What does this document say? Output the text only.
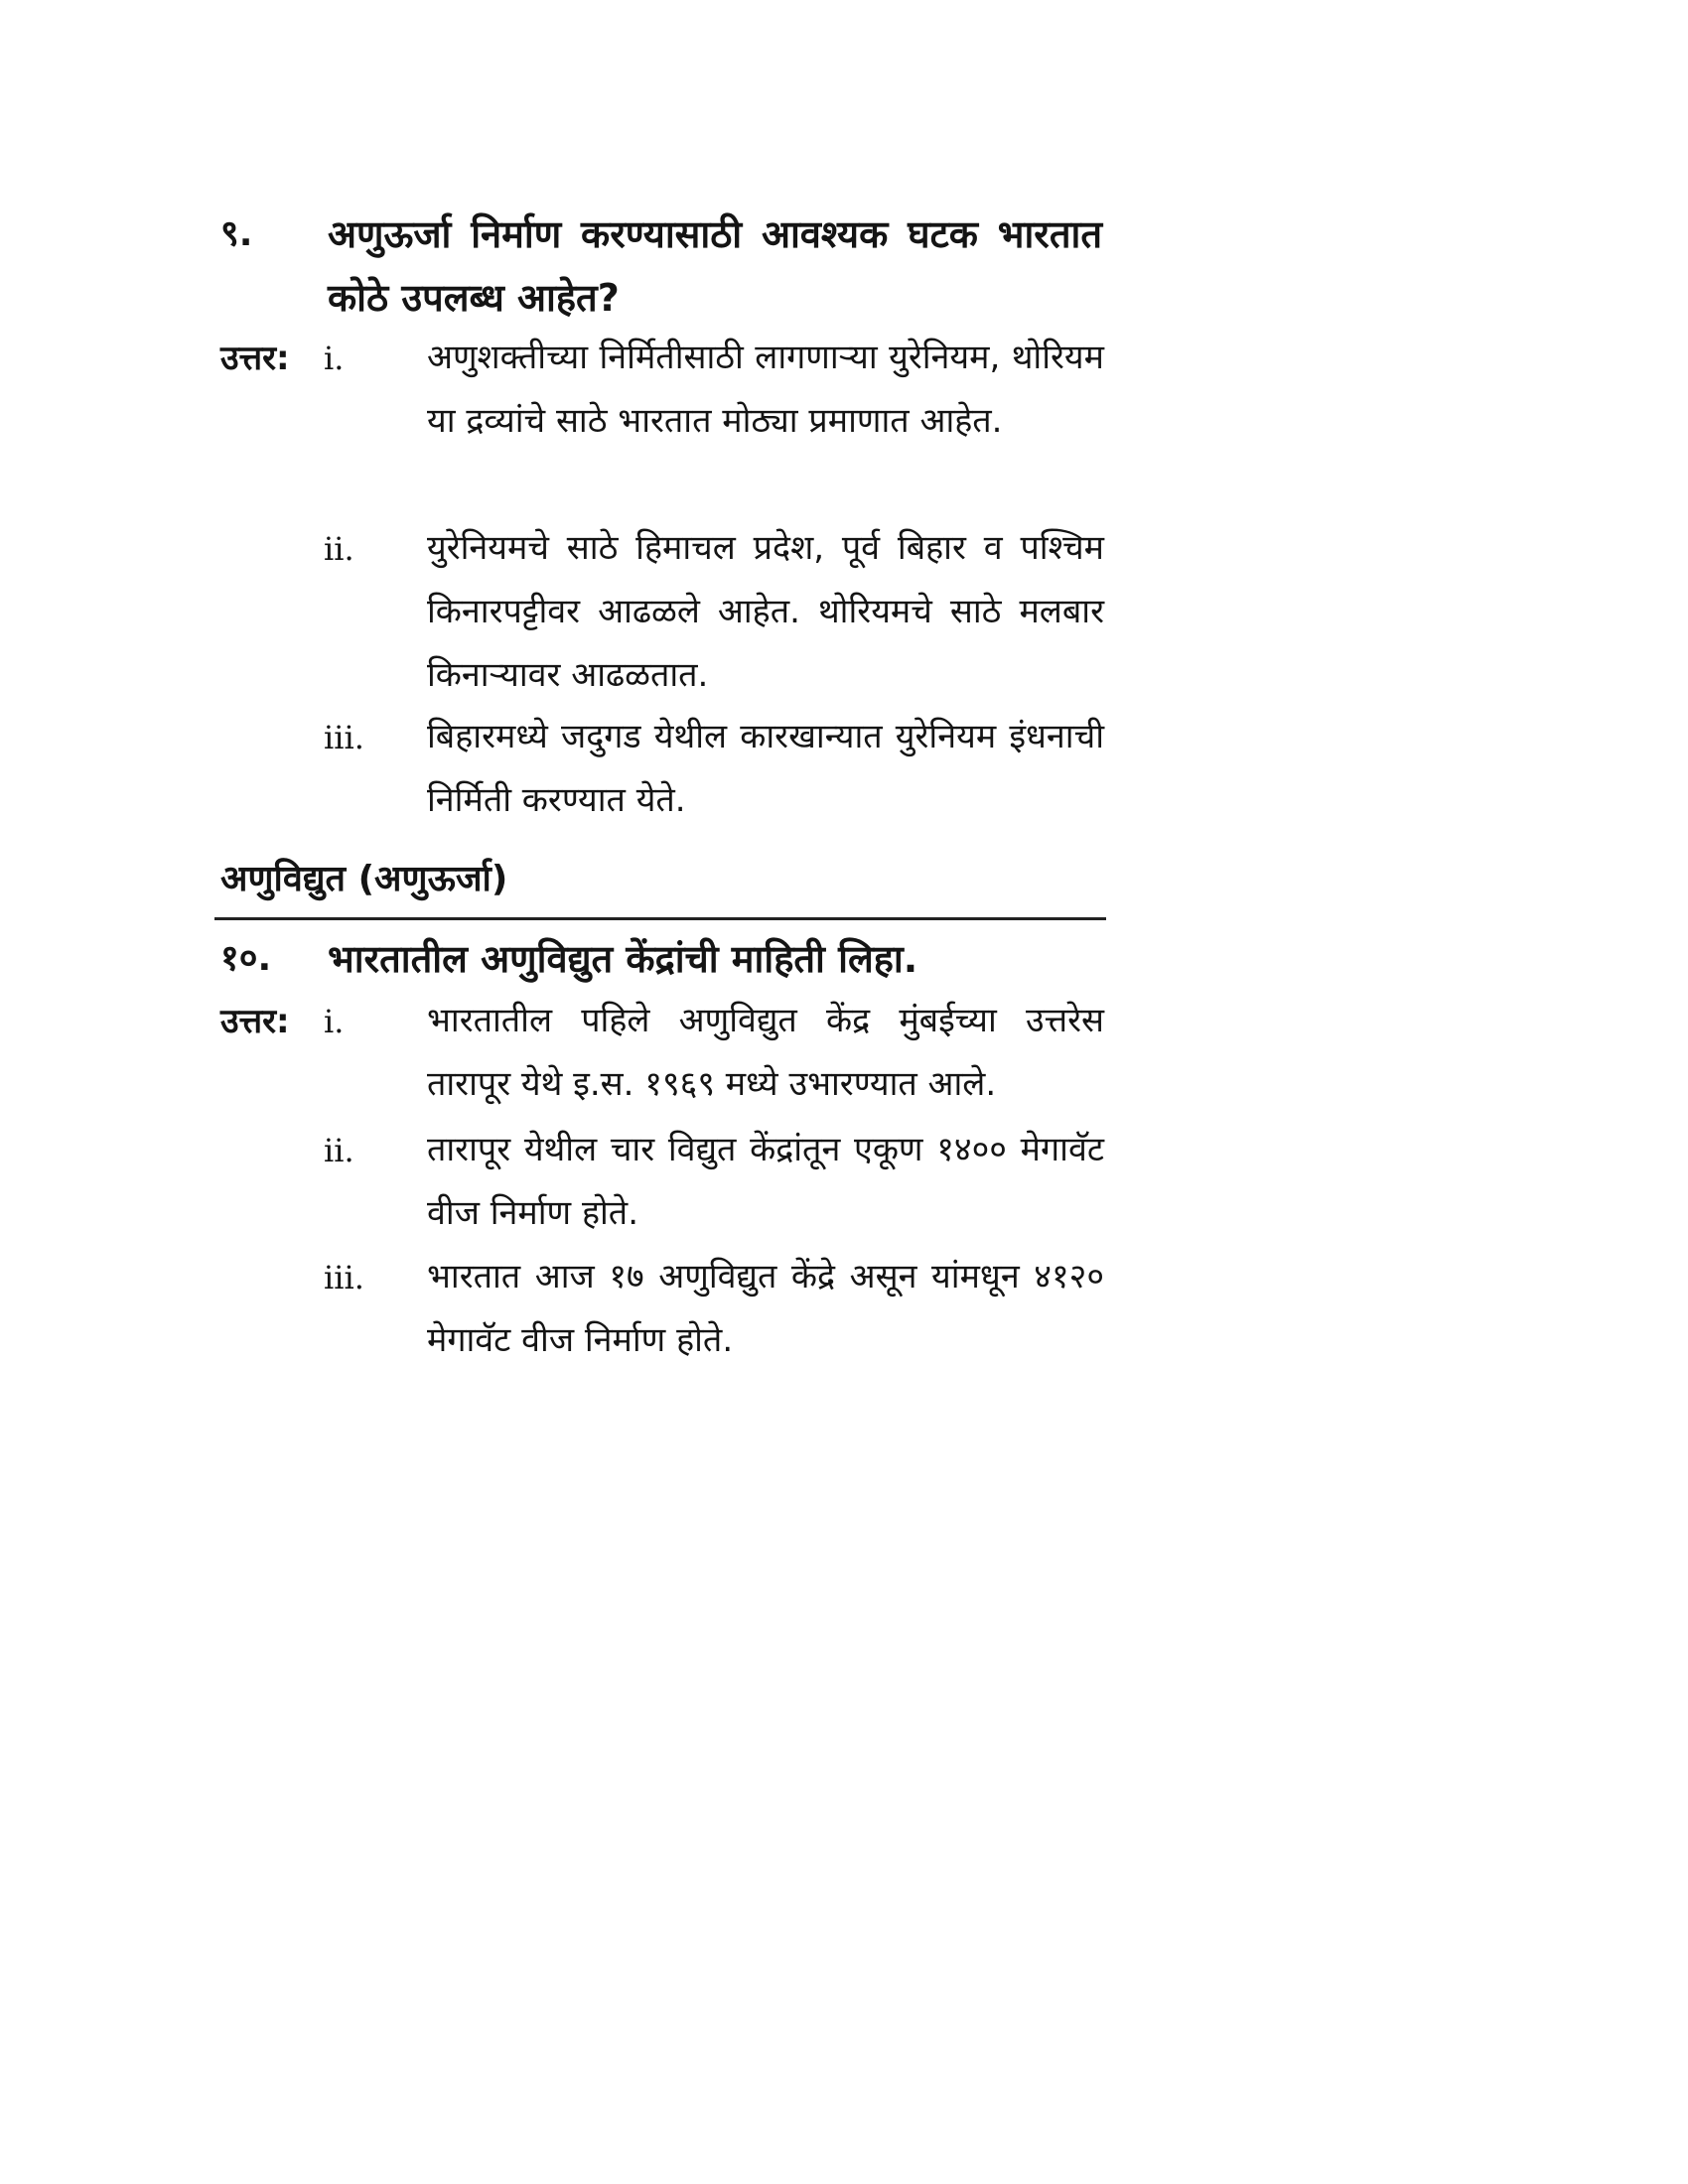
९. अणुऊर्जा निर्माण करण्यासाठी आवश्यक घटक भारतात कोठे उपलब्ध आहेत?
उत्तर: i. अणुशक्तीच्या निर्मितीसाठी लागणाऱ्या युरेनियम, थोरियम या द्रव्यांचे साठे भारतात मोठ्या प्रमाणात आहेत.
ii. युरेनियमचे साठे हिमाचल प्रदेश, पूर्व बिहार व पश्चिम किनारपट्टीवर आढळले आहेत. थोरियमचे साठे मलबार किनाऱ्यावर आढळतात.
iii. बिहारमध्ये जदुगड येथील कारखान्यात युरेनियम इंधनाची निर्मिती करण्यात येते.
अणुविद्युत (अणुऊर्जा)
१०. भारतातील अणुविद्युत केंद्रांची माहिती लिहा.
उत्तर: i. भारतातील पहिले अणुविद्युत केंद्र मुंबईच्या उत्तरेस तारापूर येथे इ.स. १९६९ मध्ये उभारण्यात आले.
ii. तारापूर येथील चार विद्युत केंद्रांतून एकूण १४०० मेगावॅट वीज निर्माण होते.
iii. भारतात आज १७ अणुविद्युत केंद्रे असून यांमधून ४१२० मेगावॅट वीज निर्माण होते.
